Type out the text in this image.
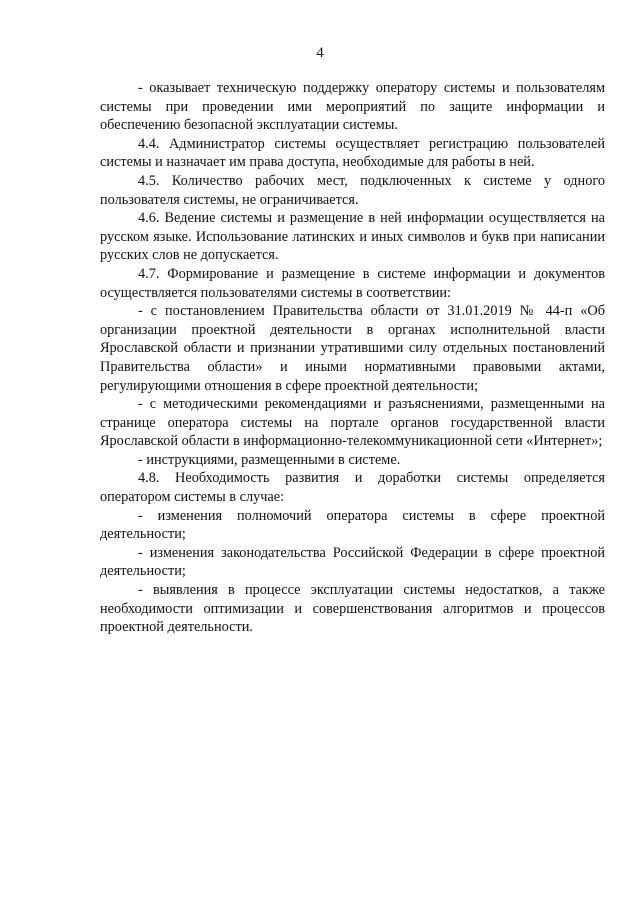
4

- оказывает техническую поддержку оператору системы и пользователям системы при проведении ими мероприятий по защите информации и обеспечению безопасной эксплуатации системы.

4.4. Администратор системы осуществляет регистрацию пользователей системы и назначает им права доступа, необходимые для работы в ней.

4.5. Количество рабочих мест, подключенных к системе у одного пользователя системы, не ограничивается.

4.6. Ведение системы и размещение в ней информации осуществляется на русском языке. Использование латинских и иных символов и букв при написании русских слов не допускается.

4.7. Формирование и размещение в системе информации и документов осуществляется пользователями системы в соответствии:

- с постановлением Правительства области от 31.01.2019 № 44-п «Об организации проектной деятельности в органах исполнительной власти Ярославской области и признании утратившими силу отдельных постановлений Правительства области» и иными нормативными правовыми актами, регулирующими отношения в сфере проектной деятельности;

- с методическими рекомендациями и разъяснениями, размещенными на странице оператора системы на портале органов государственной власти Ярославской области в информационно-телекоммуникационной сети «Интернет»;

- инструкциями, размещенными в системе.

4.8. Необходимость развития и доработки системы определяется оператором системы в случае:

- изменения полномочий оператора системы в сфере проектной деятельности;

- изменения законодательства Российской Федерации в сфере проектной деятельности;

- выявления в процессе эксплуатации системы недостатков, а также необходимости оптимизации и совершенствования алгоритмов и процессов проектной деятельности.
